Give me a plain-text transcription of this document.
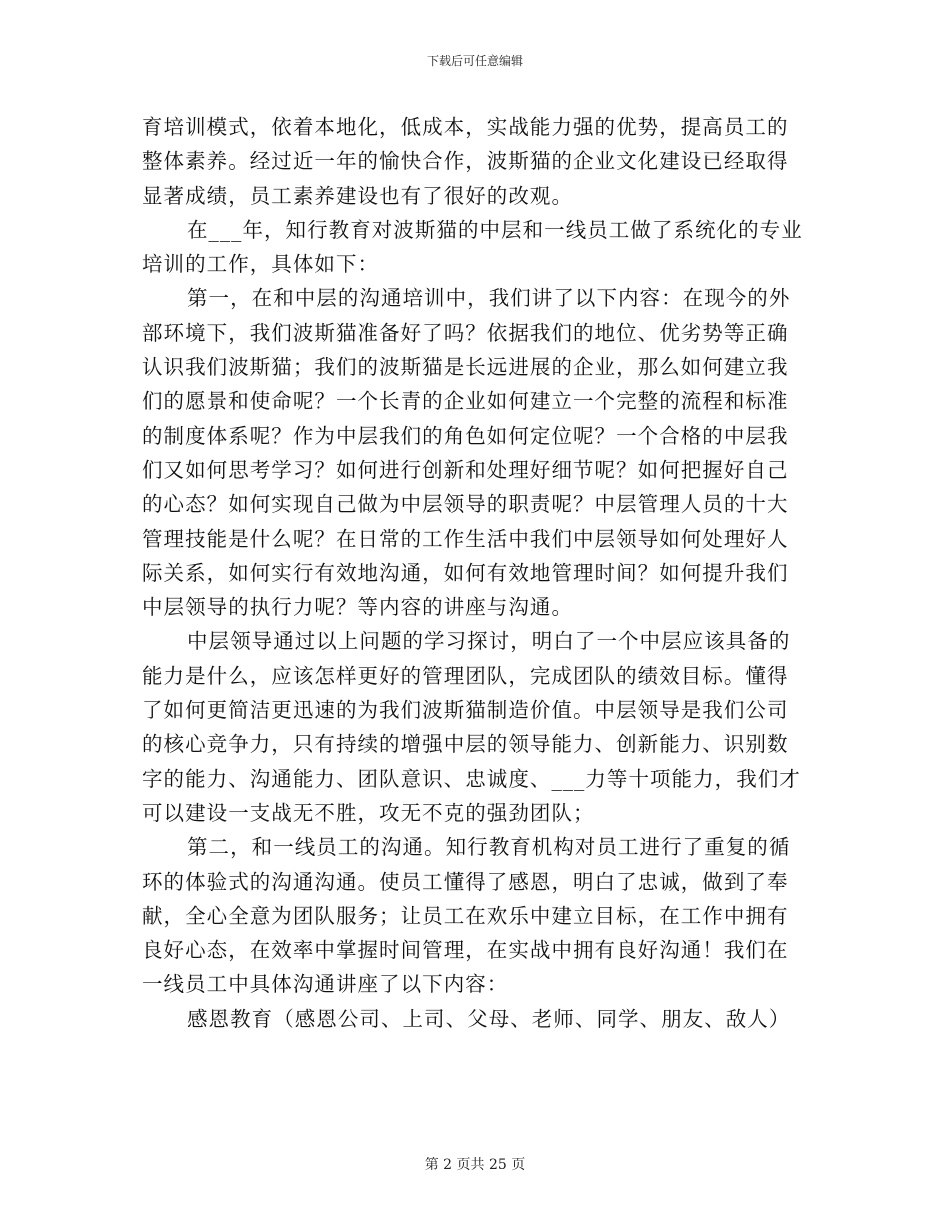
下载后可任意编辑
育培训模式，依着本地化，低成本，实战能力强的优势，提高员工的
整体素养。经过近一年的愉快合作，波斯猫的企业文化建设已经取得
显著成绩，员工素养建设也有了很好的改观。
在___年，知行教育对波斯猫的中层和一线员工做了系统化的专业
培训的工作，具体如下：
第一，在和中层的沟通培训中，我们讲了以下内容：在现今的外
部环境下，我们波斯猫准备好了吗？依据我们的地位、优劣势等正确
认识我们波斯猫；我们的波斯猫是长远进展的企业，那么如何建立我
们的愿景和使命呢？一个长青的企业如何建立一个完整的流程和标准
的制度体系呢？作为中层我们的角色如何定位呢？一个合格的中层我
们又如何思考学习？如何进行创新和处理好细节呢？如何把握好自己
的心态？如何实现自己做为中层领导的职责呢？中层管理人员的十大
管理技能是什么呢？在日常的工作生活中我们中层领导如何处理好人
际关系，如何实行有效地沟通，如何有效地管理时间？如何提升我们
中层领导的执行力呢？等内容的讲座与沟通。
中层领导通过以上问题的学习探讨，明白了一个中层应该具备的
能力是什么，应该怎样更好的管理团队，完成团队的绩效目标。懂得
了如何更简洁更迅速的为我们波斯猫制造价值。中层领导是我们公司
的核心竞争力，只有持续的增强中层的领导能力、创新能力、识别数
字的能力、沟通能力、团队意识、忠诚度、___力等十项能力，我们才
可以建设一支战无不胜，攻无不克的强劲团队；
第二，和一线员工的沟通。知行教育机构对员工进行了重复的循
环的体验式的沟通沟通。使员工懂得了感恩，明白了忠诚，做到了奉
献，全心全意为团队服务；让员工在欢乐中建立目标，在工作中拥有
良好心态，在效率中掌握时间管理，在实战中拥有良好沟通！我们在
一线员工中具体沟通讲座了以下内容：
感恩教育（感恩公司、上司、父母、老师、同学、朋友、敌人）
第 2 页共 25 页
